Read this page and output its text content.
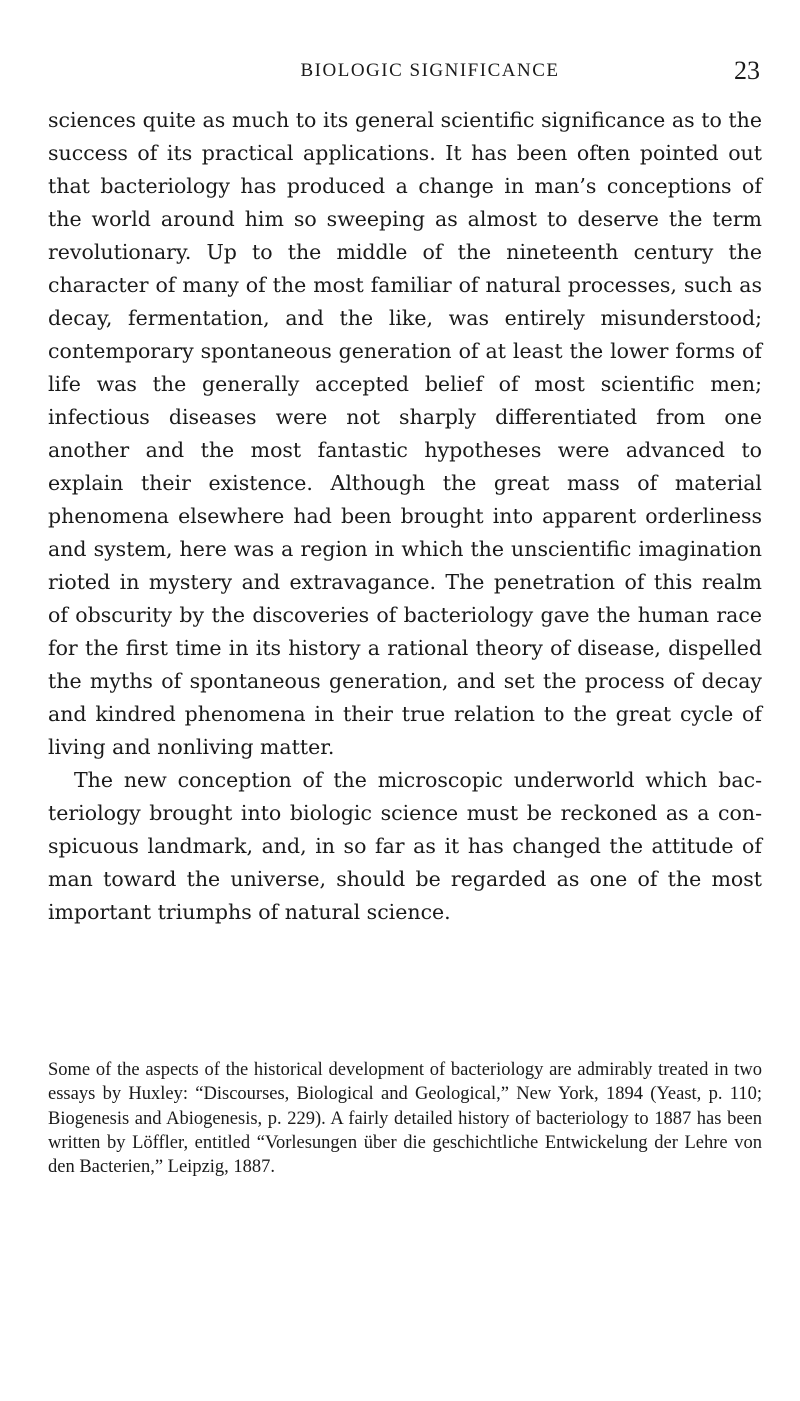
BIOLOGIC SIGNIFICANCE	23
sciences quite as much to its general scientific significance as to the success of its practical applications. It has been often pointed out that bacteriology has produced a change in man’s conceptions of the world around him so sweeping as almost to deserve the term revolutionary. Up to the middle of the nineteenth century the character of many of the most familiar of natural processes, such as decay, fermentation, and the like, was entirely misunderstood; contemporary spontaneous generation of at least the lower forms of life was the generally accepted belief of most scientific men; infectious diseases were not sharply differentiated from one another and the most fantastic hypotheses were advanced to explain their existence. Although the great mass of material phenomena elsewhere had been brought into apparent orderliness and system, here was a region in which the unscientific imagination rioted in mystery and extravagance. The penetration of this realm of obscurity by the discoveries of bacteriology gave the human race for the first time in its history a rational theory of disease, dispelled the myths of spontaneous generation, and set the process of decay and kindred phenomena in their true relation to the great cycle of living and nonliving matter.
The new conception of the microscopic underworld which bacteriology brought into biologic science must be reckoned as a conspicuous landmark, and, in so far as it has changed the attitude of man toward the universe, should be regarded as one of the most important triumphs of natural science.

Some of the aspects of the historical development of bacteriology are admirably treated in two essays by Huxley: “Discourses, Biological and Geological,” New York, 1894 (Yeast, p. 110; Biogenesis and Abiogenesis, p. 229). A fairly detailed history of bacteriology to 1887 has been written by Löffler, entitled “Vorlesungen über die geschichtliche Entwickelung der Lehre von den Bacterien,” Leipzig, 1887.
